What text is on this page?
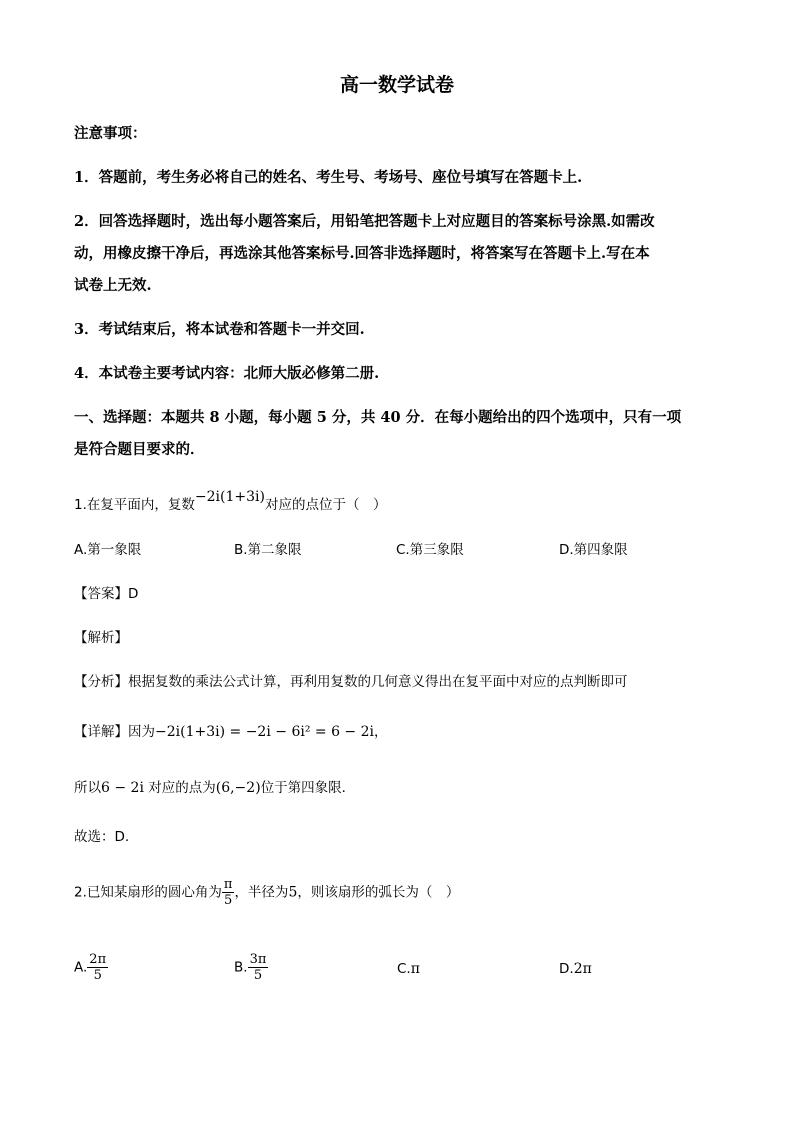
高一数学试卷
注意事项：
1．答题前，考生务必将自己的姓名、考生号、考场号、座位号填写在答题卡上.
2．回答选择题时，选出每小题答案后，用铅笔把答题卡上对应题目的答案标号涂黑.如需改
动，用橡皮擦干净后，再选涂其他答案标号.回答非选择题时，将答案写在答题卡上.写在本
试卷上无效.
3．考试结束后，将本试卷和答题卡一并交回.
4．本试卷主要考试内容：北师大版必修第二册.
一、选择题：本题共 8 小题，每小题 5 分，共 40 分．在每小题给出的四个选项中，只有一项
是符合题目要求的．
1.在复平面内，复数−2i(1+3i)对应的点位于（　）
A.第一象限	B.第二象限	C.第三象限	D.第四象限
【答案】D
【解析】
【分析】根据复数的乘法公式计算，再利用复数的几何意义得出在复平面中对应的点判断即可
【详解】因为−2i(1+3i) = −2i − 6i² = 6 − 2i，
所以6 − 2i 对应的点为(6,−2)位于第四象限．
故选：D.
2.已知某扇形的圆心角为 $\frac{\pi}{5}$ ，半径为5，则该扇形的弧长为（　）
A. $\frac{2\pi}{5}$	B. $\frac{3\pi}{5}$	C.π	D.2π
